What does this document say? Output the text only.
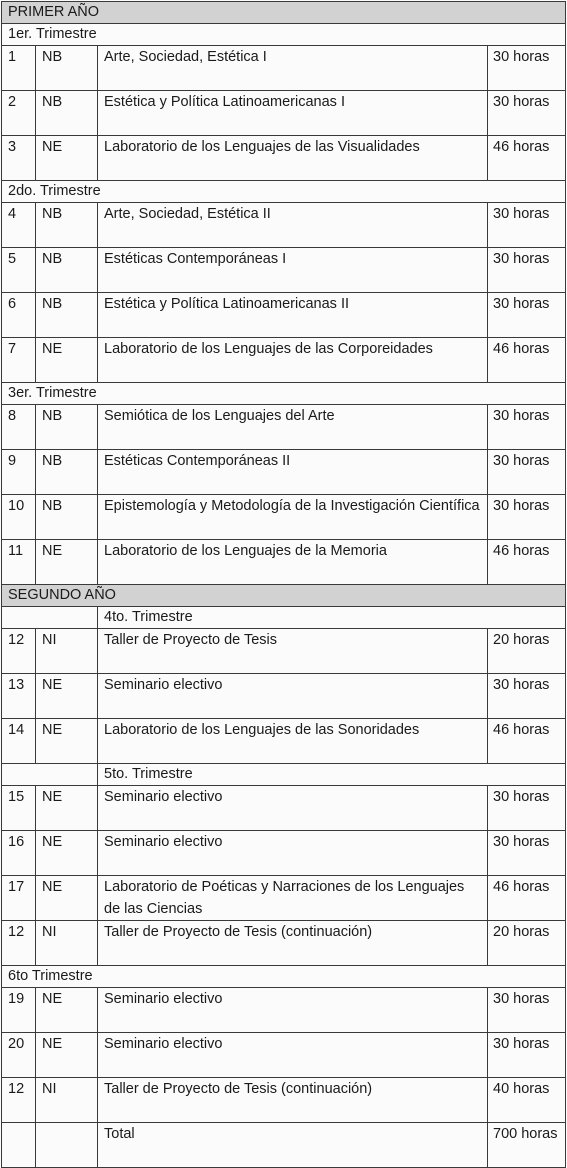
PRIMER AÑO			
1er. Trimestre			
1	NB	Arte, Sociedad, Estética I	30 horas
2	NB	Estética y Política Latinoamericanas I	30 horas
3	NE	Laboratorio de los Lenguajes de las Visualidades	46 horas
2do. Trimestre			
4	NB	Arte, Sociedad, Estética II	30 horas
5	NB	Estéticas Contemporáneas I	30 horas
6	NB	Estética y Política Latinoamericanas II	30 horas
7	NE	Laboratorio de los Lenguajes de las Corporeidades	46 horas
3er. Trimestre			
8	NB	Semiótica de los Lenguajes del Arte	30 horas
9	NB	Estéticas Contemporáneas II	30 horas
10	NB	Epistemología y Metodología de la Investigación Científica	30 horas
11	NE	Laboratorio de los Lenguajes de la Memoria	46 horas
SEGUNDO AÑO			
		4to. Trimestre	
12	NI	Taller de Proyecto de Tesis	20 horas
13	NE	Seminario electivo	30 horas
14	NE	Laboratorio de los Lenguajes de las Sonoridades	46 horas
		5to. Trimestre	
15	NE	Seminario electivo	30 horas
16	NE	Seminario electivo	30 horas
17	NE	Laboratorio de Poéticas y Narraciones de los Lenguajes de las Ciencias	46 horas
12	NI	Taller de Proyecto de Tesis (continuación)	20 horas
6to Trimestre			
19	NE	Seminario electivo	30 horas
20	NE	Seminario electivo	30 horas
12	NI	Taller de Proyecto de Tesis (continuación)	40 horas
		Total	700 horas
